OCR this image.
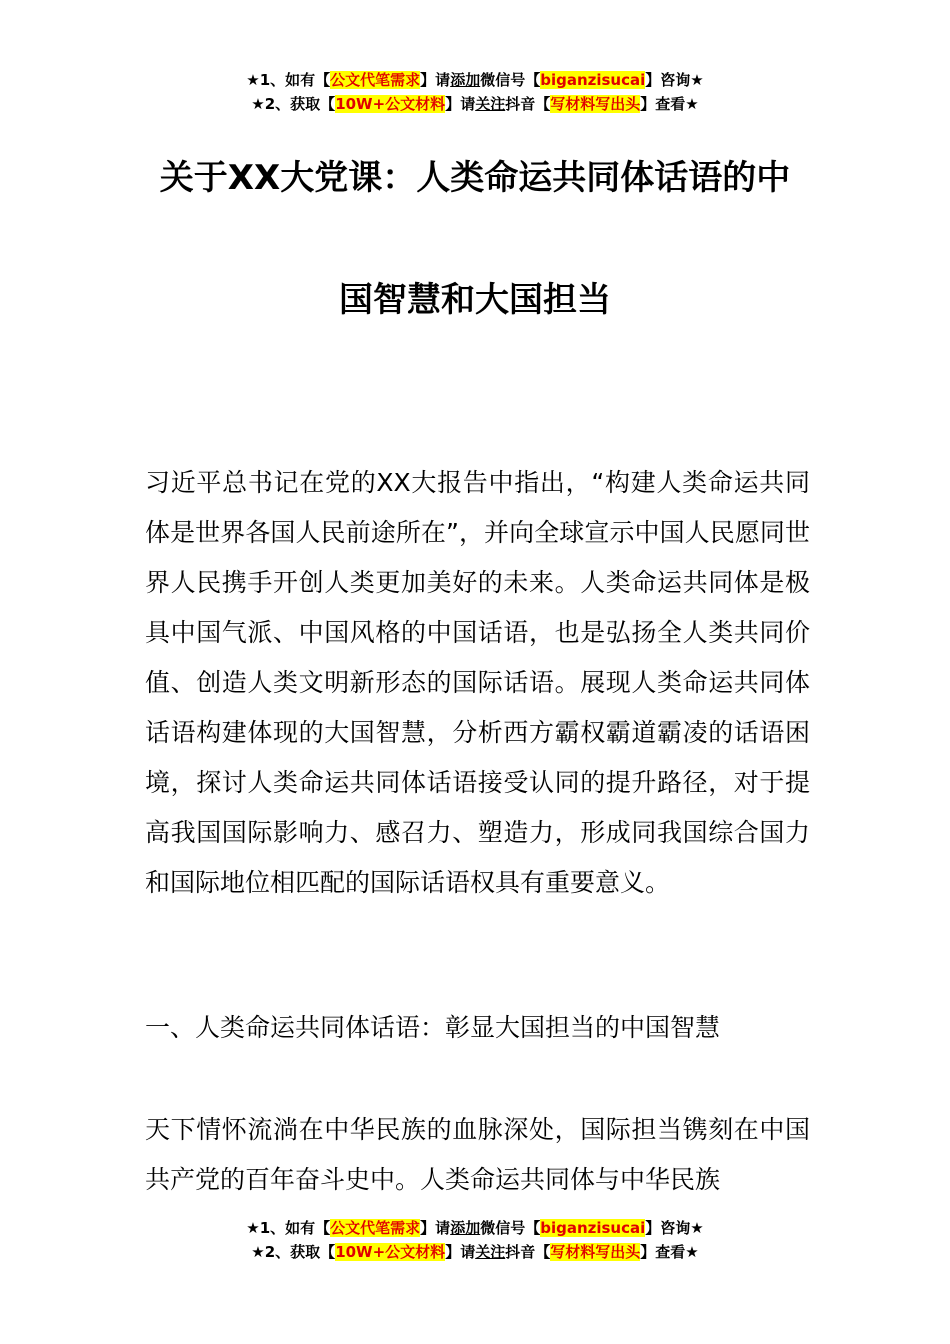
★1、如有【公文代笔需求】请添加微信号【biganzisucai】咨询★
★2、获取【10W+公文材料】请关注抖音【写材料写出头】查看★
关于XX大党课：人类命运共同体话语的中
国智慧和大国担当

习近平总书记在党的XX大报告中指出，“构建人类命运共同体是世界各国人民前途所在”，并向全球宣示中国人民愿同世界人民携手开创人类更加美好的未来。人类命运共同体是极具中国气派、中国风格的中国话语，也是弘扬全人类共同价值、创造人类文明新形态的国际话语。展现人类命运共同体话语构建体现的大国智慧，分析西方霸权霸道霸凌的话语困境，探讨人类命运共同体话语接受认同的提升路径，对于提高我国国际影响力、感召力、塑造力，形成同我国综合国力和国际地位相匹配的国际话语权具有重要意义。

一、人类命运共同体话语：彰显大国担当的中国智慧

天下情怀流淌在中华民族的血脉深处，国际担当镌刻在中国共产党的百年奋斗史中。人类命运共同体与中华民族

★1、如有【公文代笔需求】请添加微信号【biganzisucai】咨询★
★2、获取【10W+公文材料】请关注抖音【写材料写出头】查看★
